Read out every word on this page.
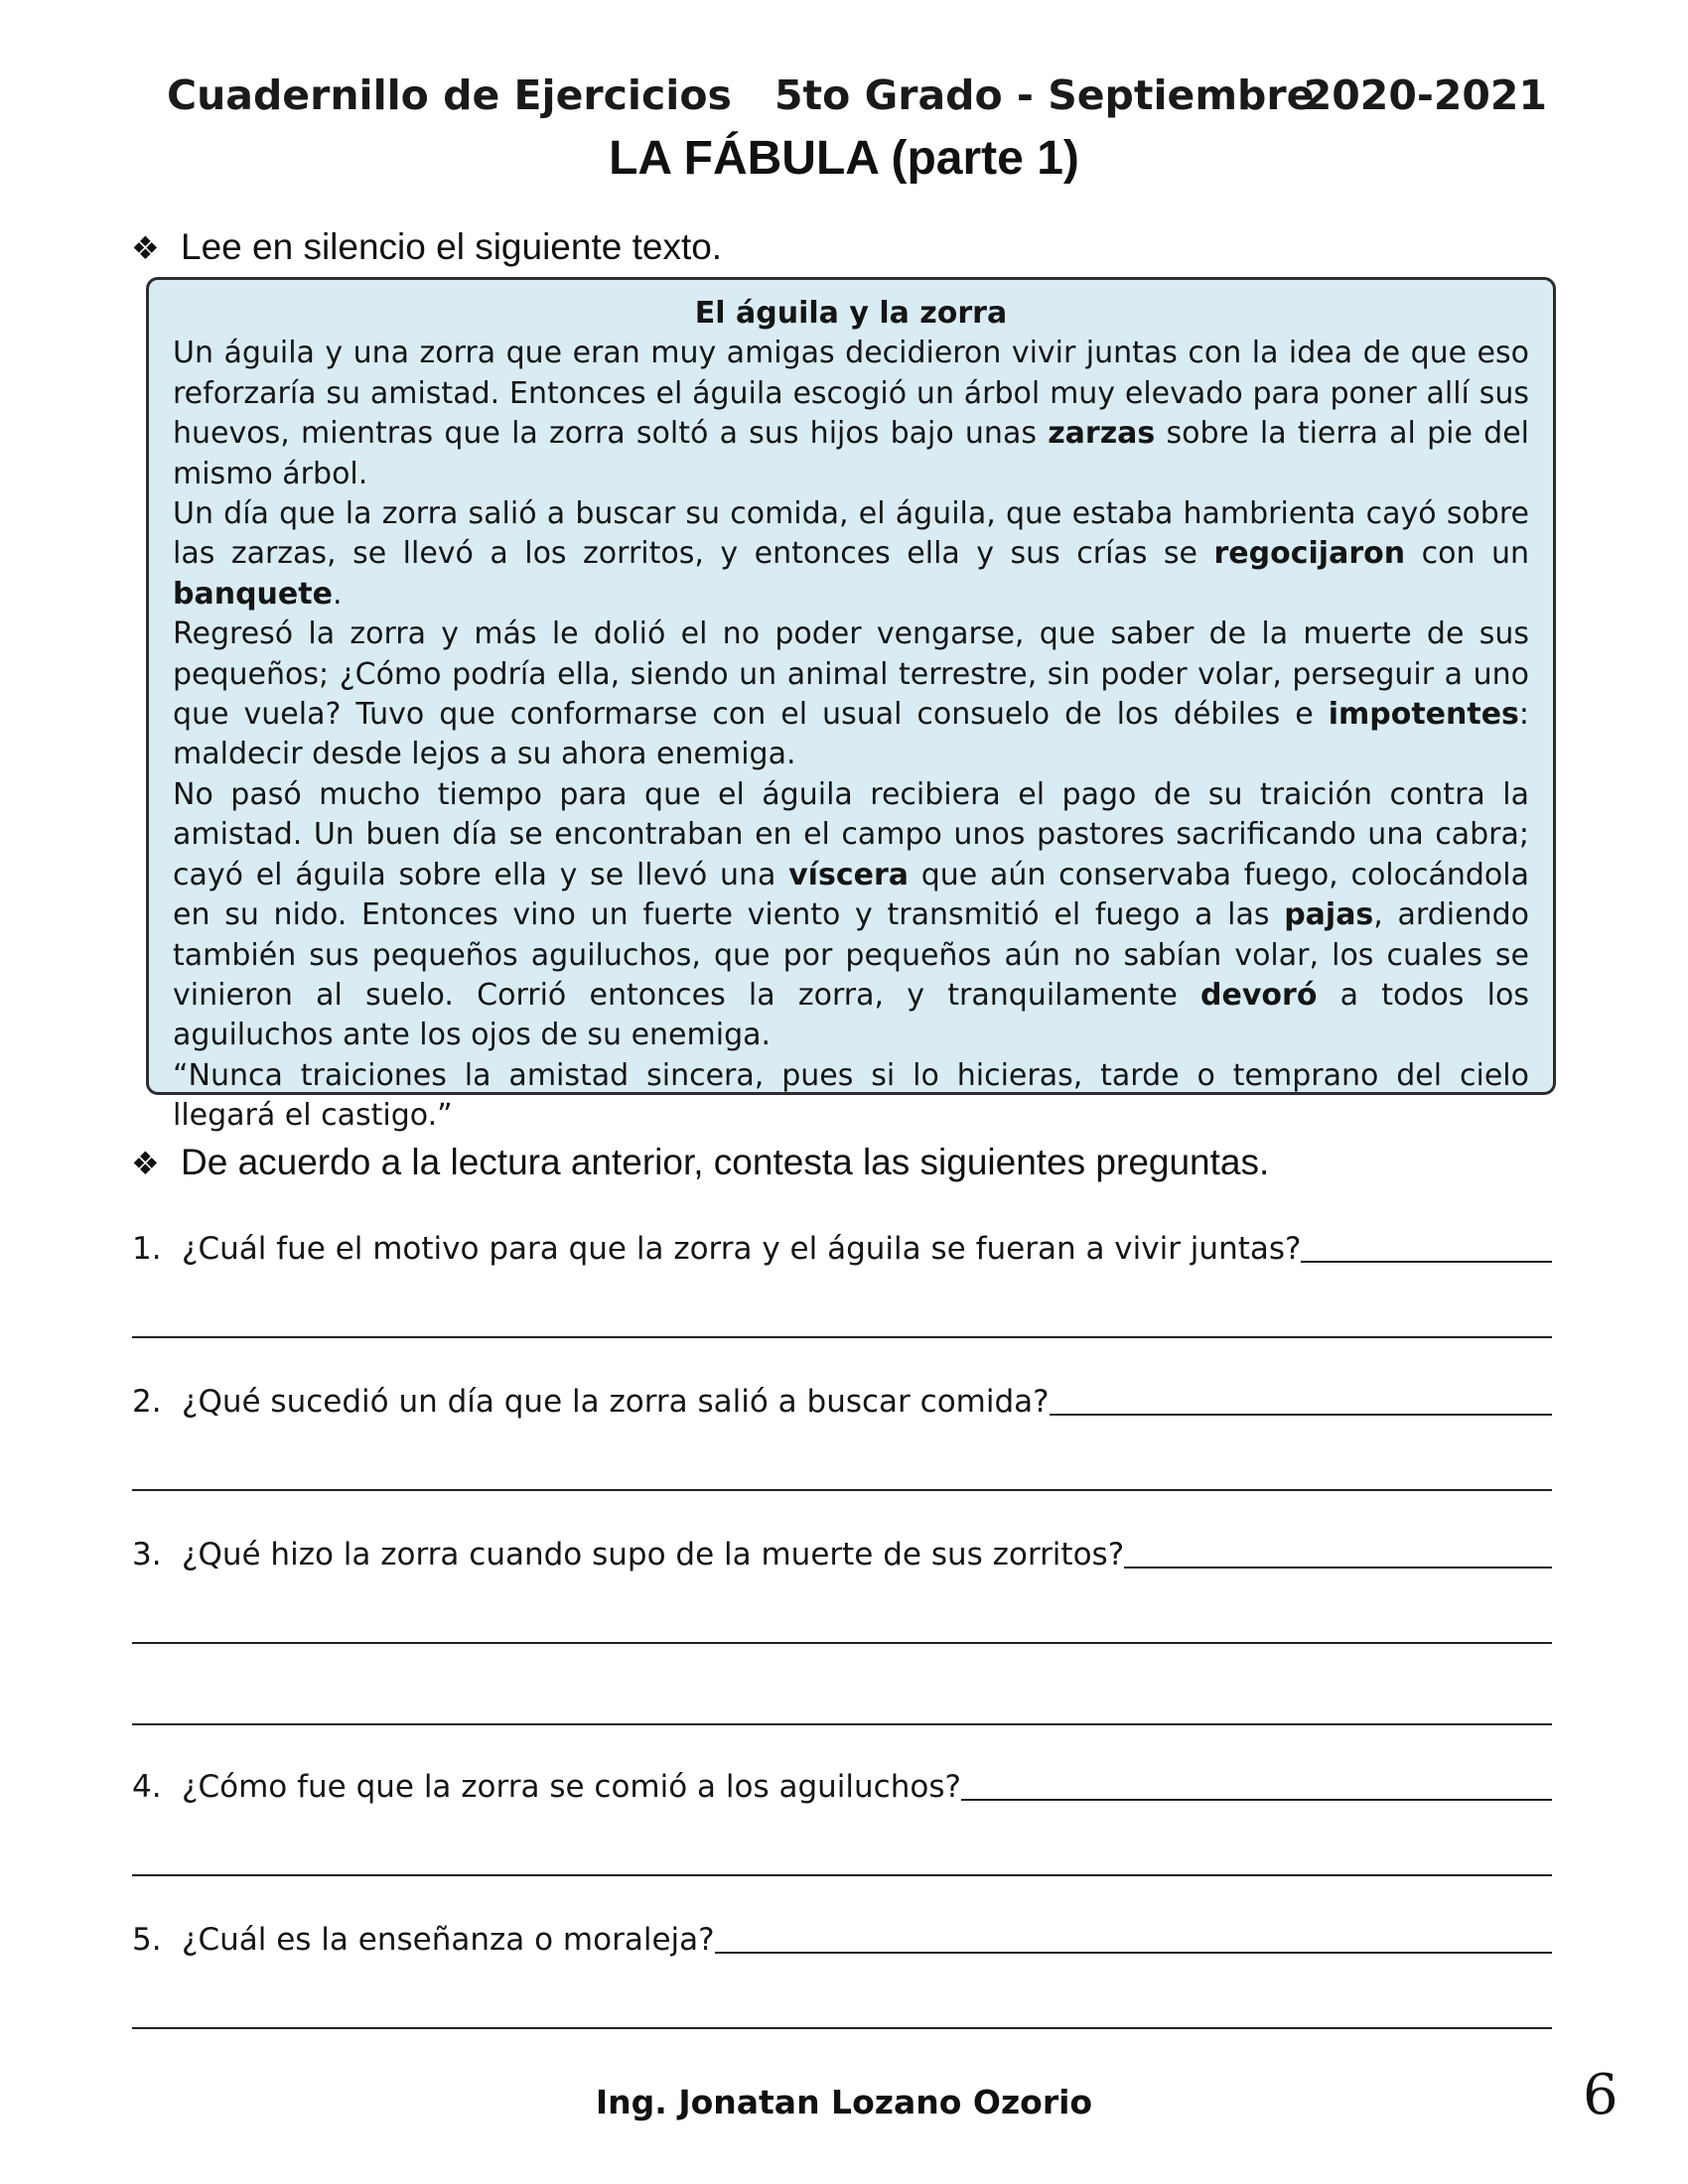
Cuadernillo de Ejercicios 5to Grado - Septiembre
2020-2021
LA FÁBULA (parte 1)
❖ Lee en silencio el siguiente texto.
El águila y la zorra

Un águila y una zorra que eran muy amigas decidieron vivir juntas con la idea de que eso reforzaría su amistad. Entonces el águila escogió un árbol muy elevado para poner allí sus huevos, mientras que la zorra soltó a sus hijos bajo unas zarzas sobre la tierra al pie del mismo árbol.

Un día que la zorra salió a buscar su comida, el águila, que estaba hambrienta cayó sobre las zarzas, se llevó a los zorritos, y entonces ella y sus crías se regocijaron con un banquete.

Regresó la zorra y más le dolió el no poder vengarse, que saber de la muerte de sus pequeños; ¿Cómo podría ella, siendo un animal terrestre, sin poder volar, perseguir a uno que vuela? Tuvo que conformarse con el usual consuelo de los débiles e impotentes: maldecir desde lejos a su ahora enemiga.

No pasó mucho tiempo para que el águila recibiera el pago de su traición contra la amistad. Un buen día se encontraban en el campo unos pastores sacrificando una cabra; cayó el águila sobre ella y se llevó una víscera que aún conservaba fuego, colocándola en su nido. Entonces vino un fuerte viento y transmitió el fuego a las pajas, ardiendo también sus pequeños aguiluchos, que por pequeños aún no sabían volar, los cuales se vinieron al suelo. Corrió entonces la zorra, y tranquilamente devoró a todos los aguiluchos ante los ojos de su enemiga.

“Nunca traiciones la amistad sincera, pues si lo hicieras, tarde o temprano del cielo llegará el castigo.”

❖ De acuerdo a la lectura anterior, contesta las siguientes preguntas.
1. ¿Cuál fue el motivo para que la zorra y el águila se fueran a vivir juntas?
2. ¿Qué sucedió un día que la zorra salió a buscar comida?
3. ¿Qué hizo la zorra cuando supo de la muerte de sus zorritos?
4. ¿Cómo fue que la zorra se comió a los aguiluchos?
5. ¿Cuál es la enseñanza o moraleja?
Ing. Jonatan Lozano Ozorio	6
